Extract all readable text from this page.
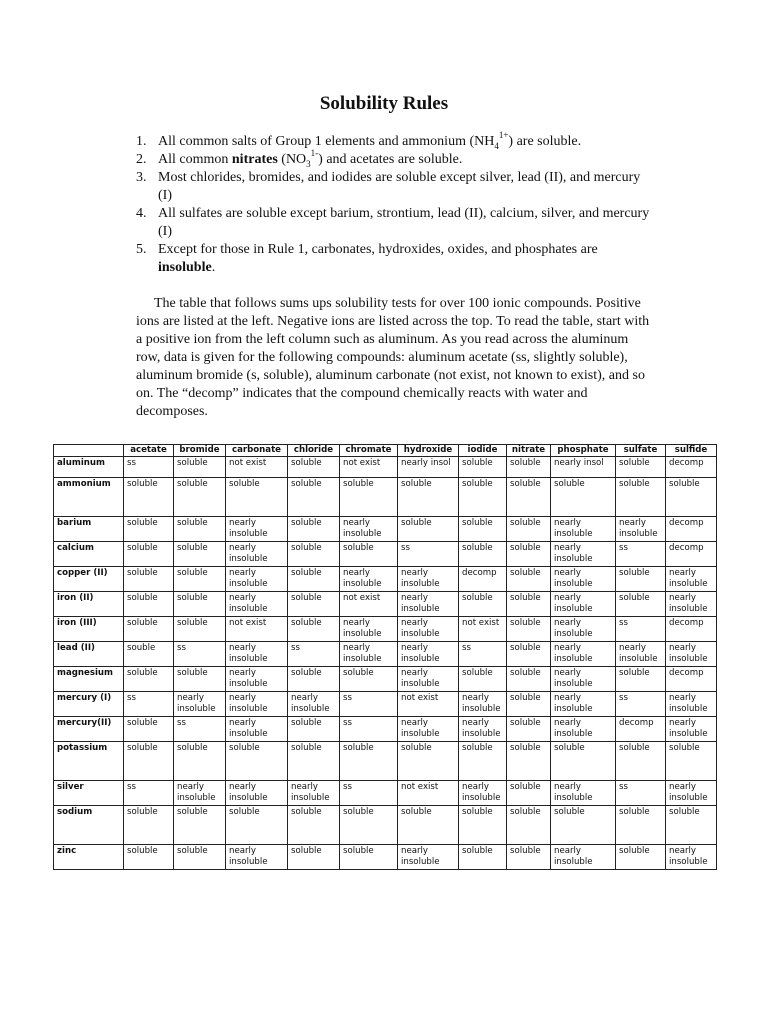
Solubility Rules
1. All common salts of Group 1 elements and ammonium $(NH_4^{1+})$ are soluble.
2. All common nitrates $(NO_3^{1-})$ and acetates are soluble.
3. Most chlorides, bromides, and iodides are soluble except silver, lead (II), and mercury (I)
4. All sulfates are soluble except barium, strontium, lead (II), calcium, silver, and mercury (I)
5. Except for those in Rule 1, carbonates, hydroxides, oxides, and phosphates are insoluble.

The table that follows sums ups solubility tests for over 100 ionic compounds. Positive ions are listed at the left. Negative ions are listed across the top. To read the table, start with a positive ion from the left column such as aluminum. As you read across the aluminum row, data is given for the following compounds: aluminum acetate (ss, slightly soluble), aluminum bromide (s, soluble), aluminum carbonate (not exist, not known to exist), and so on. The “decomp” indicates that the compound chemically reacts with water and decomposes.

	acetate	bromide	carbonate	chloride	chromate	hydroxide	iodide	nitrate	phosphate	sulfate	sulfide
aluminum	ss	soluble	not exist	soluble	not exist	nearly insol	soluble	soluble	nearly insol	soluble	decomp
ammonium	soluble	soluble	soluble	soluble	soluble	soluble	soluble	soluble	soluble	soluble	soluble
barium	soluble	soluble	nearly insoluble	soluble	nearly insoluble	soluble	soluble	soluble	nearly insoluble	nearly insoluble	decomp
calcium	soluble	soluble	nearly insoluble	soluble	soluble	ss	soluble	soluble	nearly insoluble	ss	decomp
copper (II)	soluble	soluble	nearly insoluble	soluble	nearly insoluble	nearly insoluble	decomp	soluble	nearly insoluble	soluble	nearly insoluble
iron (II)	soluble	soluble	nearly insoluble	soluble	not exist	nearly insoluble	soluble	soluble	nearly insoluble	soluble	nearly insoluble
iron (III)	soluble	soluble	not exist	soluble	nearly insoluble	nearly insoluble	not exist	soluble	nearly insoluble	ss	decomp
lead (II)	souble	ss	nearly insoluble	ss	nearly insoluble	nearly insoluble	ss	soluble	nearly insoluble	nearly insoluble	nearly insoluble
magnesium	soluble	soluble	nearly insoluble	soluble	soluble	nearly insoluble	soluble	soluble	nearly insoluble	soluble	decomp
mercury (I)	ss	nearly insoluble	nearly insoluble	nearly insoluble	ss	not exist	nearly insoluble	soluble	nearly insoluble	ss	nearly insoluble
mercury(II)	soluble	ss	nearly insoluble	soluble	ss	nearly insoluble	nearly insoluble	soluble	nearly insoluble	decomp	nearly insoluble
potassium	soluble	soluble	soluble	soluble	soluble	soluble	soluble	soluble	soluble	soluble	soluble
silver	ss	nearly insoluble	nearly insoluble	nearly insoluble	ss	not exist	nearly insoluble	soluble	nearly insoluble	ss	nearly insoluble
sodium	soluble	soluble	soluble	soluble	soluble	soluble	soluble	soluble	soluble	soluble	soluble
zinc	soluble	soluble	nearly insoluble	soluble	soluble	nearly insoluble	soluble	soluble	nearly insoluble	soluble	nearly insoluble
